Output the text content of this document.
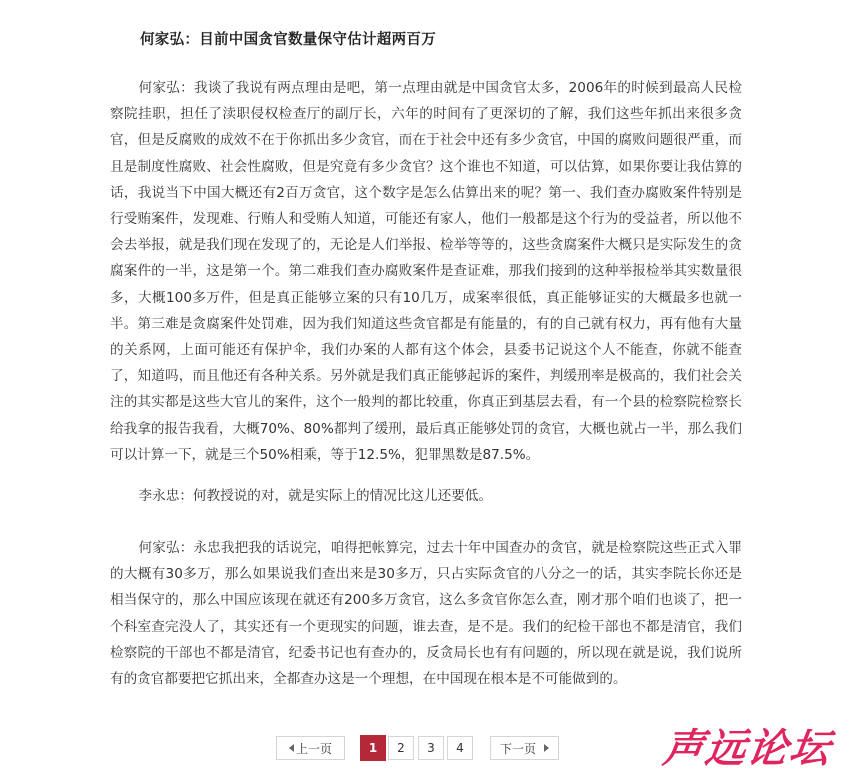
何家弘：目前中国贪官数量保守估计超两百万

何家弘：我谈了我说有两点理由是吧，第一点理由就是中国贪官太多，2006年的时候到最高人民检察院挂职，担任了渎职侵权检查厅的副厅长，六年的时间有了更深切的了解，我们这些年抓出来很多贪官，但是反腐败的成效不在于你抓出多少贪官，而在于社会中还有多少贪官，中国的腐败问题很严重，而且是制度性腐败、社会性腐败，但是究竟有多少贪官？这个谁也不知道，可以估算，如果你要让我估算的话，我说当下中国大概还有2百万贪官，这个数字是怎么估算出来的呢？第一、我们查办腐败案件特别是行受贿案件，发现难、行贿人和受贿人知道，可能还有家人，他们一般都是这个行为的受益者，所以他不会去举报，就是我们现在发现了的，无论是人们举报、检举等等的，这些贪腐案件大概只是实际发生的贪腐案件的一半，这是第一个。第二难我们查办腐败案件是查证难，那我们接到的这种举报检举其实数量很多，大概100多万件，但是真正能够立案的只有10几万，成案率很低，真正能够证实的大概最多也就一半。第三难是贪腐案件处罚难，因为我们知道这些贪官都是有能量的，有的自己就有权力，再有他有大量的关系网，上面可能还有保护伞，我们办案的人都有这个体会，县委书记说这个人不能查，你就不能查了，知道吗，而且他还有各种关系。另外就是我们真正能够起诉的案件，判缓刑率是极高的，我们社会关注的其实都是这些大官儿的案件，这个一般判的都比较重，你真正到基层去看，有一个县的检察院检察长给我拿的报告我看，大概70%、80%都判了缓刑，最后真正能够处罚的贪官，大概也就占一半，那么我们可以计算一下，就是三个50%相乘，等于12.5%，犯罪黑数是87.5%。

李永忠：何教授说的对，就是实际上的情况比这儿还要低。

何家弘：永忠我把我的话说完，咱得把帐算完，过去十年中国查办的贪官，就是检察院这些正式入罪的大概有30多万，那么如果说我们查出来是30多万，只占实际贪官的八分之一的话，其实李院长你还是相当保守的，那么中国应该现在就还有200多万贪官，这么多贪官你怎么查，刚才那个咱们也谈了，把一个科室查完没人了，其实还有一个更现实的问题，谁去查，是不是。我们的纪检干部也不都是清官，我们检察院的干部也不都是清官，纪委书记也有查办的，反贪局长也有有问题的，所以现在就是说，我们说所有的贪官都要把它抓出来，全都查办这是一个理想，在中国现在根本是不可能做到的。

上一页	1	2	3	4	下一页	声远论坛
